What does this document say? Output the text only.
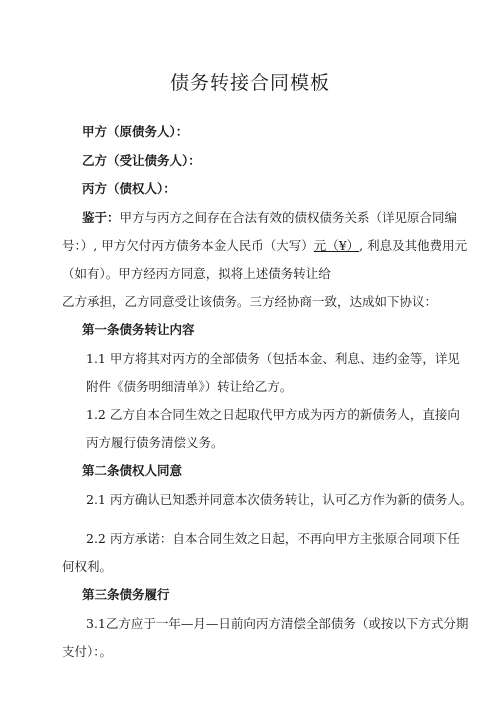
债务转接合同模板
甲方（原债务人）：
乙方（受让债务人）：
丙方（债权人）：
鉴于：甲方与丙方之间存在合法有效的债权债务关系（详见原合同编
号：）, 甲方欠付丙方债务本金人民币（大写）元（¥）, 利息及其他费用元
（如有）。甲方经丙方同意，拟将上述债务转让给
乙方承担，乙方同意受让该债务。三方经协商一致，达成如下协议：
第一条债务转让内容
1.1 甲方将其对丙方的全部债务（包括本金、利息、违约金等，详见
附件《债务明细清单》）转让给乙方。
1.2 乙方自本合同生效之日起取代甲方成为丙方的新债务人，直接向
丙方履行债务清偿义务。
第二条债权人同意
2.1 丙方确认已知悉并同意本次债务转让，认可乙方作为新的债务人。
2.2 丙方承诺：自本合同生效之日起，不再向甲方主张原合同项下任
何权利。
第三条债务履行
3.1乙方应于一年—月—日前向丙方清偿全部债务（或按以下方式分期
支付）：。
